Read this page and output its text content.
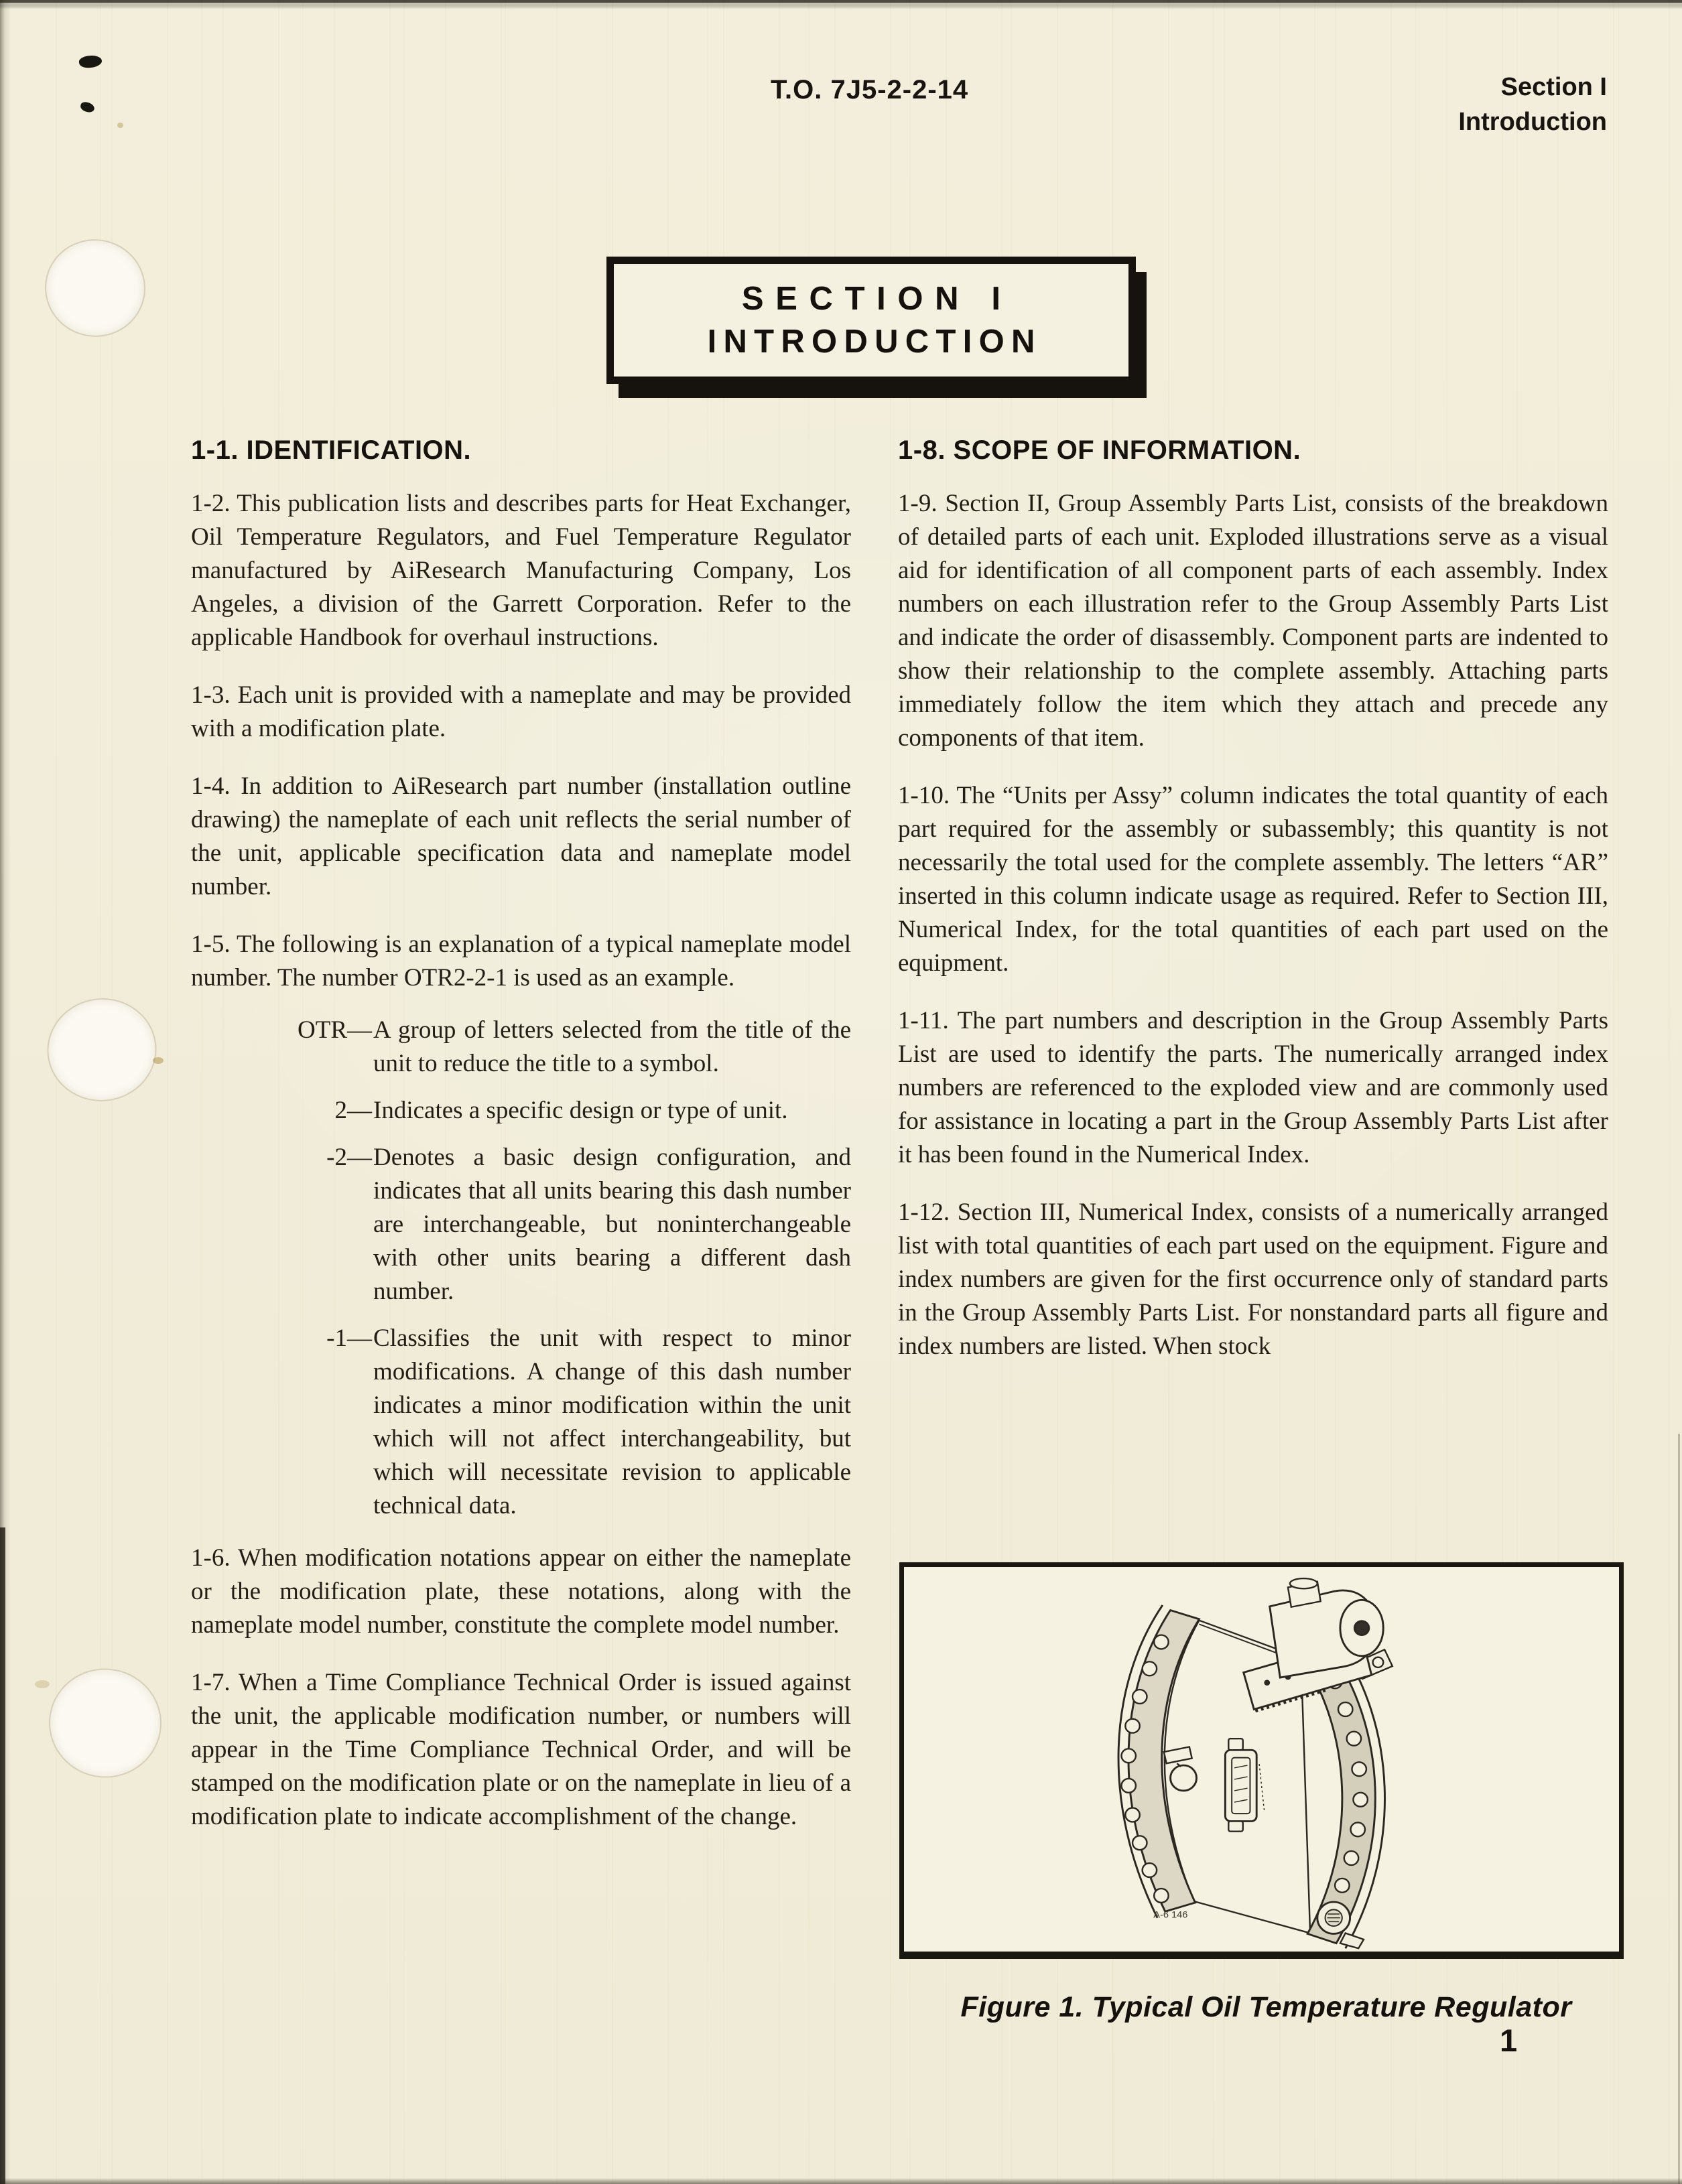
T.O. 7J5-2-2-14	Section I
Introduction
SECTION I
INTRODUCTION
1-1. IDENTIFICATION.

1-2. This publication lists and describes parts for Heat Exchanger, Oil Temperature Regulators, and Fuel Temperature Regulator manufactured by AiResearch Manufacturing Company, Los Angeles, a division of the Garrett Corporation. Refer to the applicable Handbook for overhaul instructions.

1-3. Each unit is provided with a nameplate and may be provided with a modification plate.

1-4. In addition to AiResearch part number (installation outline drawing) the nameplate of each unit reflects the serial number of the unit, applicable specification data and nameplate model number.

1-5. The following is an explanation of a typical nameplate model number. The number OTR2-2-1 is used as an example.

OTR— A group of letters selected from the title of the unit to reduce the title to a symbol.
2— Indicates a specific design or type of unit.
-2— Denotes a basic design configuration, and indicates that all units bearing this dash number are interchangeable, but noninterchangeable with other units bearing a different dash number.
-1— Classifies the unit with respect to minor modifications. A change of this dash number indicates a minor modification within the unit which will not affect interchangeability, but which will necessitate revision to applicable technical data.

1-6. When modification notations appear on either the nameplate or the modification plate, these notations, along with the nameplate model number, constitute the complete model number.

1-7. When a Time Compliance Technical Order is issued against the unit, the applicable modification number, or numbers will appear in the Time Compliance Technical Order, and will be stamped on the modification plate or on the nameplate in lieu of a modification plate to indicate accomplishment of the change.

1-8. SCOPE OF INFORMATION.

1-9. Section II, Group Assembly Parts List, consists of the breakdown of detailed parts of each unit. Exploded illustrations serve as a visual aid for identification of all component parts of each assembly. Index numbers on each illustration refer to the Group Assembly Parts List and indicate the order of disassembly. Component parts are indented to show their relationship to the complete assembly. Attaching parts immediately follow the item which they attach and precede any components of that item.

1-10. The “Units per Assy” column indicates the total quantity of each part required for the assembly or subassembly; this quantity is not necessarily the total used for the complete assembly. The letters “AR” inserted in this column indicate usage as required. Refer to Section III, Numerical Index, for the total quantities of each part used on the equipment.

1-11. The part numbers and description in the Group Assembly Parts List are used to identify the parts. The numerically arranged index numbers are referenced to the exploded view and are commonly used for assistance in locating a part in the Group Assembly Parts List after it has been found in the Numerical Index.

1-12. Section III, Numerical Index, consists of a numerically arranged list with total quantities of each part used on the equipment. Figure and index numbers are given for the first occurrence only of standard parts in the Group Assembly Parts List. For nonstandard parts all figure and index numbers are listed. When stock

A-6 146
Figure 1. Typical Oil Temperature Regulator
1
